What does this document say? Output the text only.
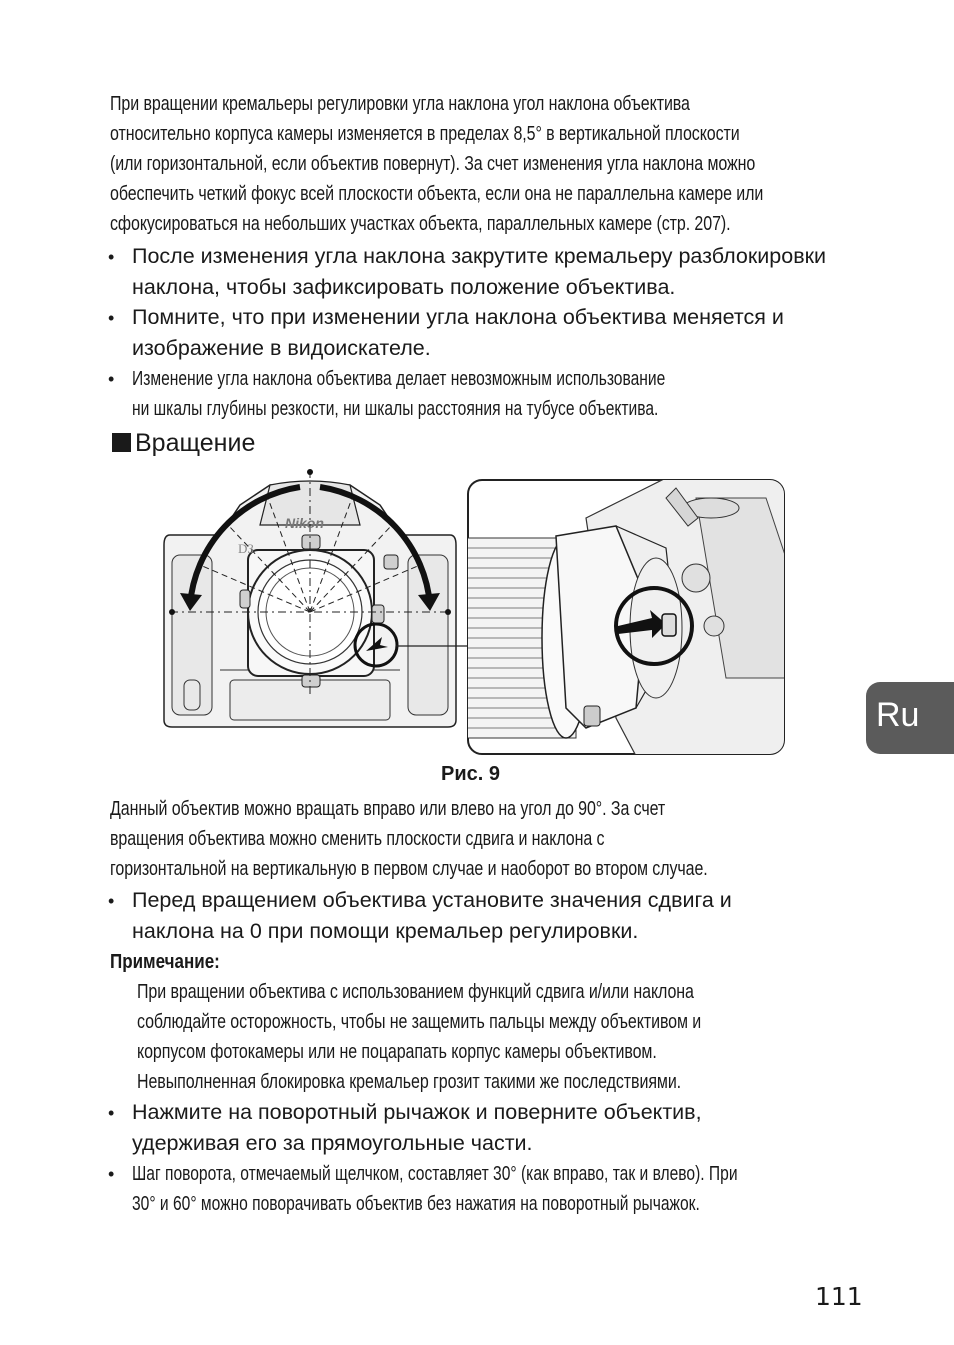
При вращении кремальеры регулировки угла наклона угол наклона объектива
относительно корпуса камеры изменяется в пределах 8,5° в вертикальной плоскости
(или горизонтальной, если объектив повернут). За счет изменения угла наклона можно
обеспечить четкий фокус всей плоскости объекта, если она не параллельна камере или
сфокусироваться на небольших участках объекта, параллельных камере (стр. 207).
• После изменения угла наклона закрутите кремальеру разблокировки
наклона, чтобы зафиксировать положение объектива.
• Помните, что при изменении угла наклона объектива меняется и
изображение в видоискателе.
• Изменение угла наклона объектива делает невозможным использование
ни шкалы глубины резкости, ни шкалы расстояния на тубусе объектива.
Вращение
Nikon
D3
Рис. 9
Данный объектив можно вращать вправо или влево на угол до 90°. За счет
вращения объектива можно сменить плоскости сдвига и наклона с
горизонтальной на вертикальную в первом случае и наоборот во втором случае.
• Перед вращением объектива установите значения сдвига и
наклона на 0 при помощи кремальер регулировки.
Примечание:
При вращении объектива с использованием функций сдвига и/или наклона
соблюдайте осторожность, чтобы не защемить пальцы между объективом и
корпусом фотокамеры или не поцарапать корпус камеры объективом.
Невыполненная блокировка кремальер грозит такими же последствиями.
• Нажмите на поворотный рычажок и поверните объектив,
удерживая его за прямоугольные части.
• Шаг поворота, отмечаемый щелчком, составляет 30° (как вправо, так и влево). При
30° и 60° можно поворачивать объектив без нажатия на поворотный рычажок.
Ru
111
